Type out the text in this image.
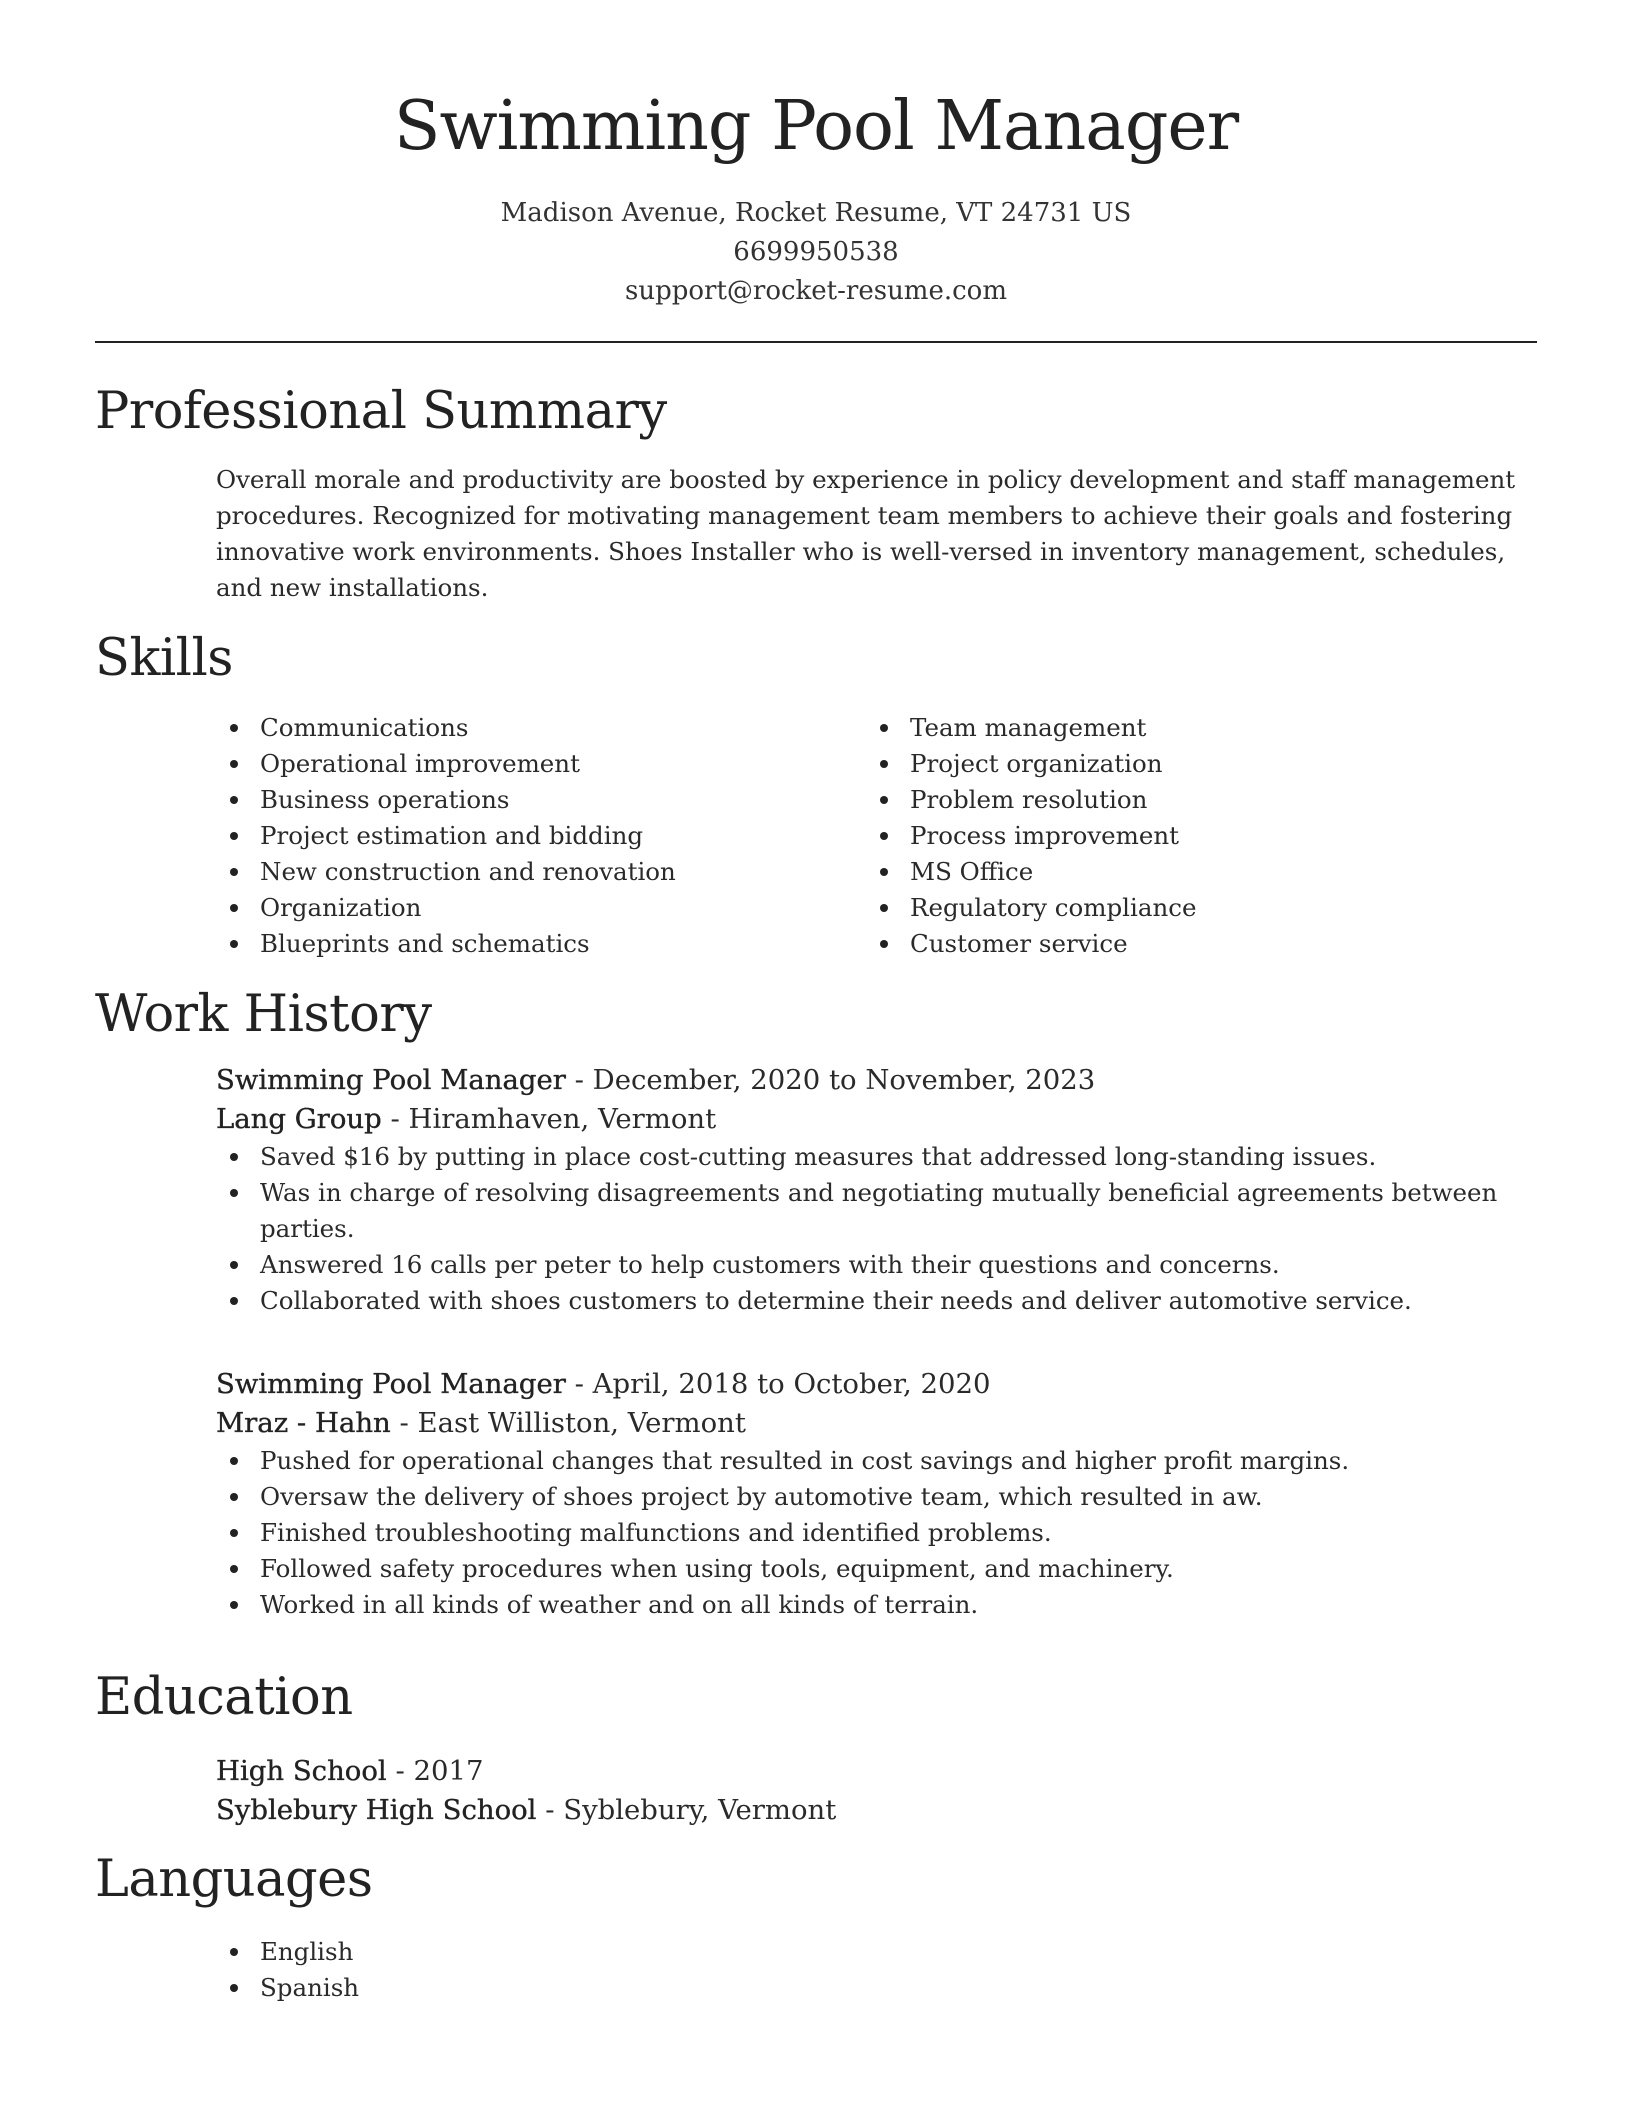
Swimming Pool Manager

Madison Avenue, Rocket Resume, VT 24731 US

6699950538

support@rocket-resume.com

Professional Summary

Overall morale and productivity are boosted by experience in policy development and staff management procedures. Recognized for motivating management team members to achieve their goals and fostering innovative work environments. Shoes Installer who is well-versed in inventory management, schedules, and new installations.

Skills
Communications
Operational improvement
Business operations
Project estimation and bidding
New construction and renovation
Organization
Blueprints and schematics
Team management
Project organization
Problem resolution
Process improvement
MS Office
Regulatory compliance
Customer service
Work History

Swimming Pool Manager - December, 2020 to November, 2023

Lang Group - Hiramhaven, Vermont

Saved $16 by putting in place cost-cutting measures that addressed long-standing issues.
Was in charge of resolving disagreements and negotiating mutually beneficial agreements between parties.
Answered 16 calls per peter to help customers with their questions and concerns.
Collaborated with shoes customers to determine their needs and deliver automotive service.

Swimming Pool Manager - April, 2018 to October, 2020

Mraz - Hahn - East Williston, Vermont

Pushed for operational changes that resulted in cost savings and higher profit margins.
Oversaw the delivery of shoes project by automotive team, which resulted in aw.
Finished troubleshooting malfunctions and identified problems.
Followed safety procedures when using tools, equipment, and machinery.
Worked in all kinds of weather and on all kinds of terrain.
Education

High School - 2017

Syblebury High School - Syblebury, Vermont

Languages
English
Spanish
